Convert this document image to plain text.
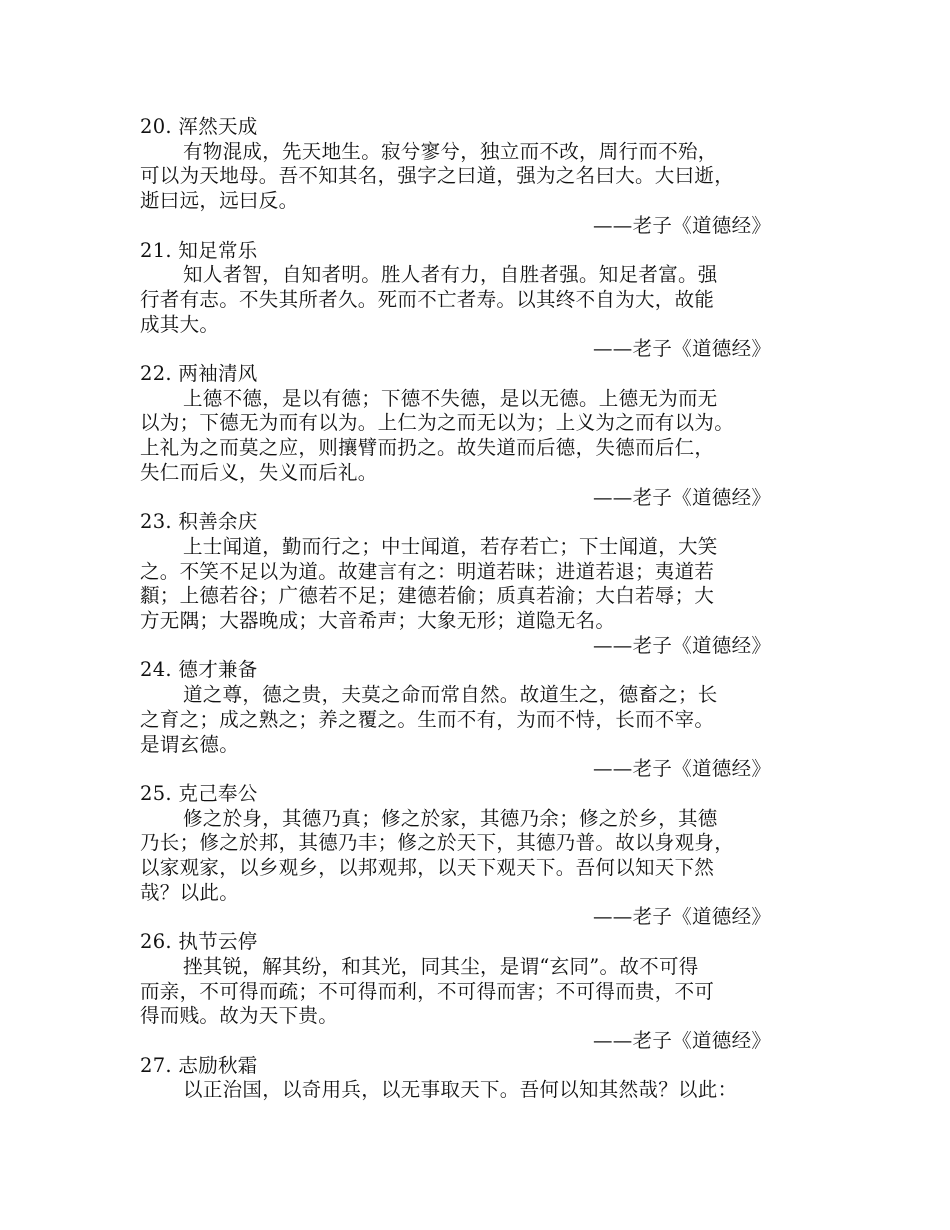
20. 浑然天成
有物混成，先天地生。寂兮寥兮，独立而不改，周行而不殆，
可以为天地母。吾不知其名，强字之曰道，强为之名曰大。大曰逝，
逝曰远，远曰反。
——老子《道德经》
21. 知足常乐
知人者智，自知者明。胜人者有力，自胜者强。知足者富。强
行者有志。不失其所者久。死而不亡者寿。以其终不自为大，故能
成其大。
——老子《道德经》
22. 两袖清风
上德不德，是以有德；下德不失德，是以无德。上德无为而无
以为；下德无为而有以为。上仁为之而无以为；上义为之而有以为。
上礼为之而莫之应，则攘臂而扔之。故失道而后德，失德而后仁，
失仁而后义，失义而后礼。
——老子《道德经》
23. 积善余庆
上士闻道，勤而行之；中士闻道，若存若亡；下士闻道，大笑
之。不笑不足以为道。故建言有之：明道若昧；进道若退；夷道若
纇；上德若谷；广德若不足；建德若偷；质真若渝；大白若辱；大
方无隅；大器晚成；大音希声；大象无形；道隐无名。
——老子《道德经》
24. 德才兼备
道之尊，德之贵，夫莫之命而常自然。故道生之，德畜之；长
之育之；成之熟之；养之覆之。生而不有，为而不恃，长而不宰。
是谓玄德。
——老子《道德经》
25. 克己奉公
修之於身，其德乃真；修之於家，其德乃余；修之於乡，其德
乃长；修之於邦，其德乃丰；修之於天下，其德乃普。故以身观身，
以家观家，以乡观乡，以邦观邦，以天下观天下。吾何以知天下然
哉？以此。
——老子《道德经》
26. 执节云停
挫其锐，解其纷，和其光，同其尘，是谓“玄同”。故不可得
而亲，不可得而疏；不可得而利，不可得而害；不可得而贵，不可
得而贱。故为天下贵。
——老子《道德经》
27. 志励秋霜
以正治国，以奇用兵，以无事取天下。吾何以知其然哉？以此：
